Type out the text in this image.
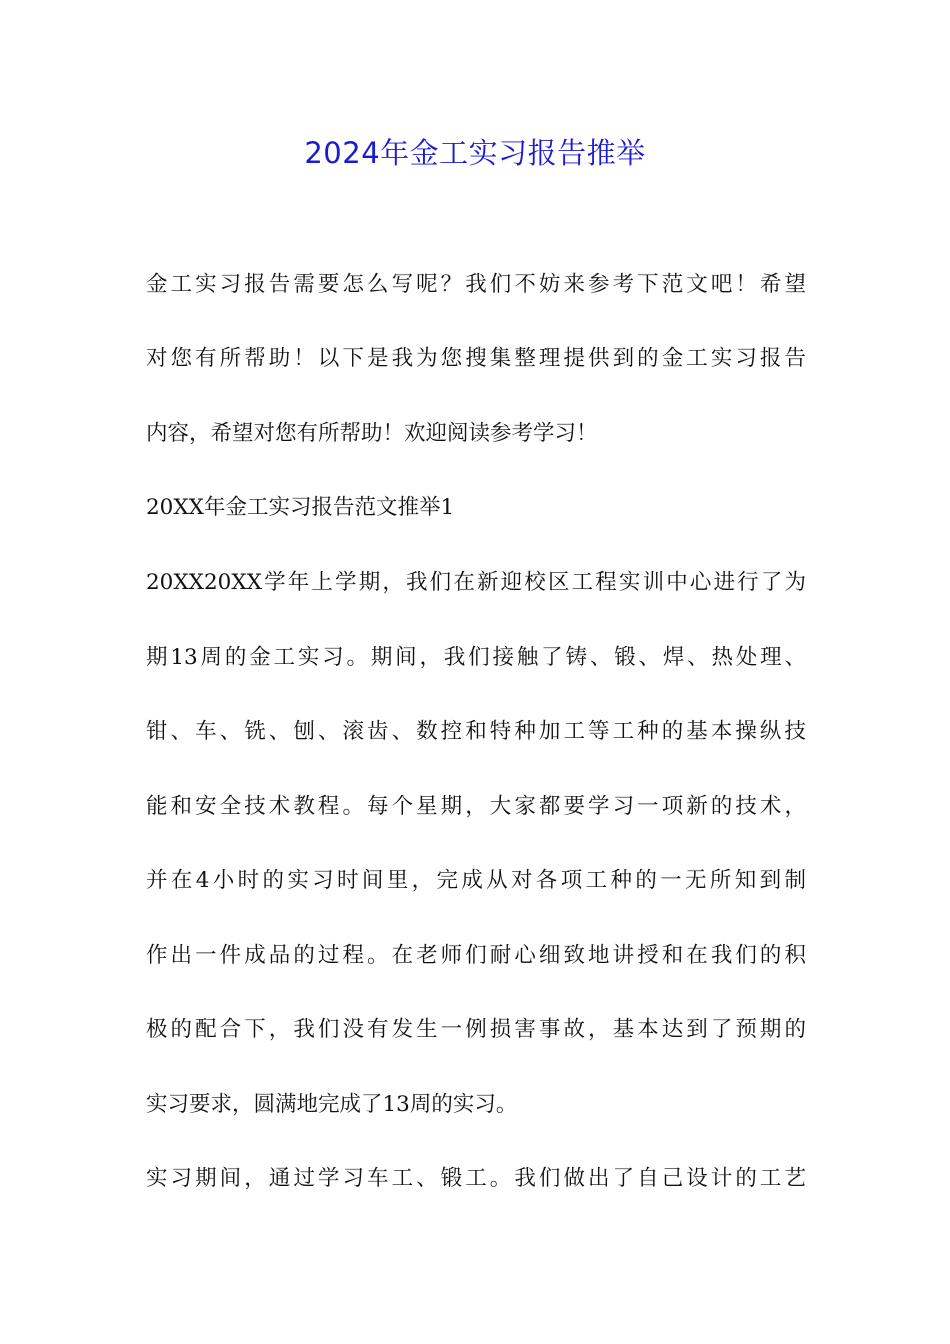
2024年金工实习报告推举
金工实习报告需要怎么写呢？我们不妨来参考下范文吧！希望
对您有所帮助！以下是我为您搜集整理提供到的金工实习报告
内容，希望对您有所帮助！欢迎阅读参考学习！
20XX年金工实习报告范文推举1
20XX20XX学年上学期，我们在新迎校区工程实训中心进行了为
期13周的金工实习。期间，我们接触了铸、锻、焊、热处理、
钳、车、铣、刨、滚齿、数控和特种加工等工种的基本操纵技
能和安全技术教程。每个星期，大家都要学习一项新的技术，
并在4小时的实习时间里，完成从对各项工种的一无所知到制
作出一件成品的过程。在老师们耐心细致地讲授和在我们的积
极的配合下，我们没有发生一例损害事故，基本达到了预期的
实习要求，圆满地完成了13周的实习。
实习期间，通过学习车工、锻工。我们做出了自己设计的工艺
